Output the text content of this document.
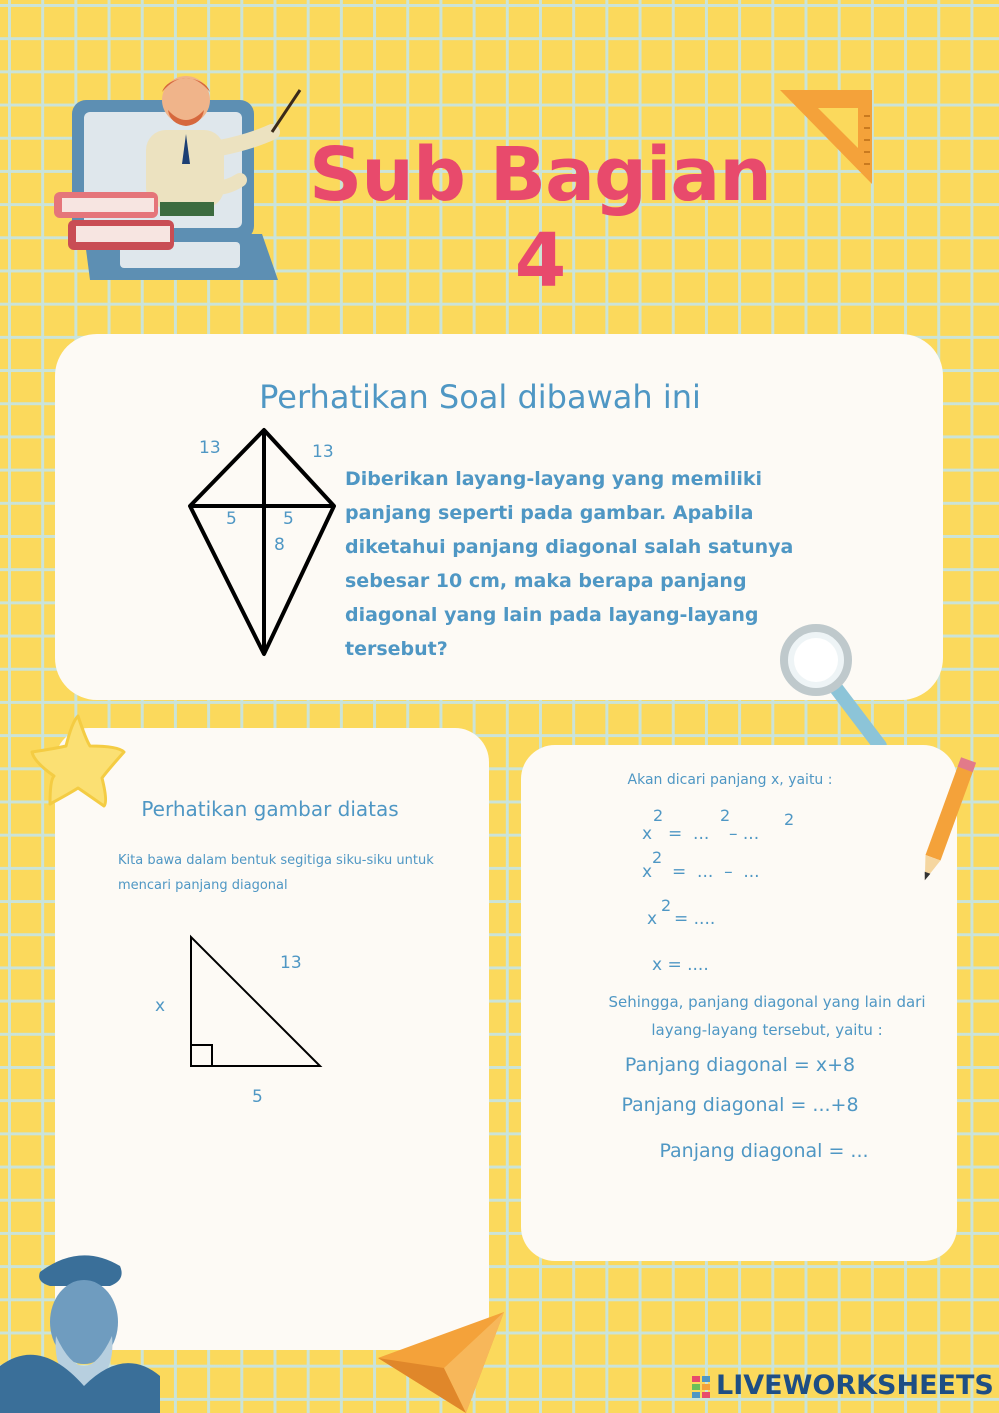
Sub Bagian 4
Perhatikan Soal dibawah ini
13	13
5	5
8
Diberikan layang-layang yang memiliki panjang seperti pada gambar. Apabila diketahui panjang diagonal salah satunya sebesar 10 cm, maka berapa panjang diagonal yang lain pada layang-layang tersebut?
Perhatikan gambar diatas
Kita bawa dalam bentuk segitiga siku-siku untuk mencari panjang diagonal
13
x
5
Akan dicari panjang x, yaitu :
x
2
=  ...
2
– ...
2
x
2
=  ...  –  ...
x
2
= ....
x = ....
Sehingga, panjang diagonal yang lain dari layang-layang tersebut, yaitu :
Panjang diagonal = x+8
Panjang diagonal = ...+8
Panjang diagonal = ...
LIVEWORKSHEETS
